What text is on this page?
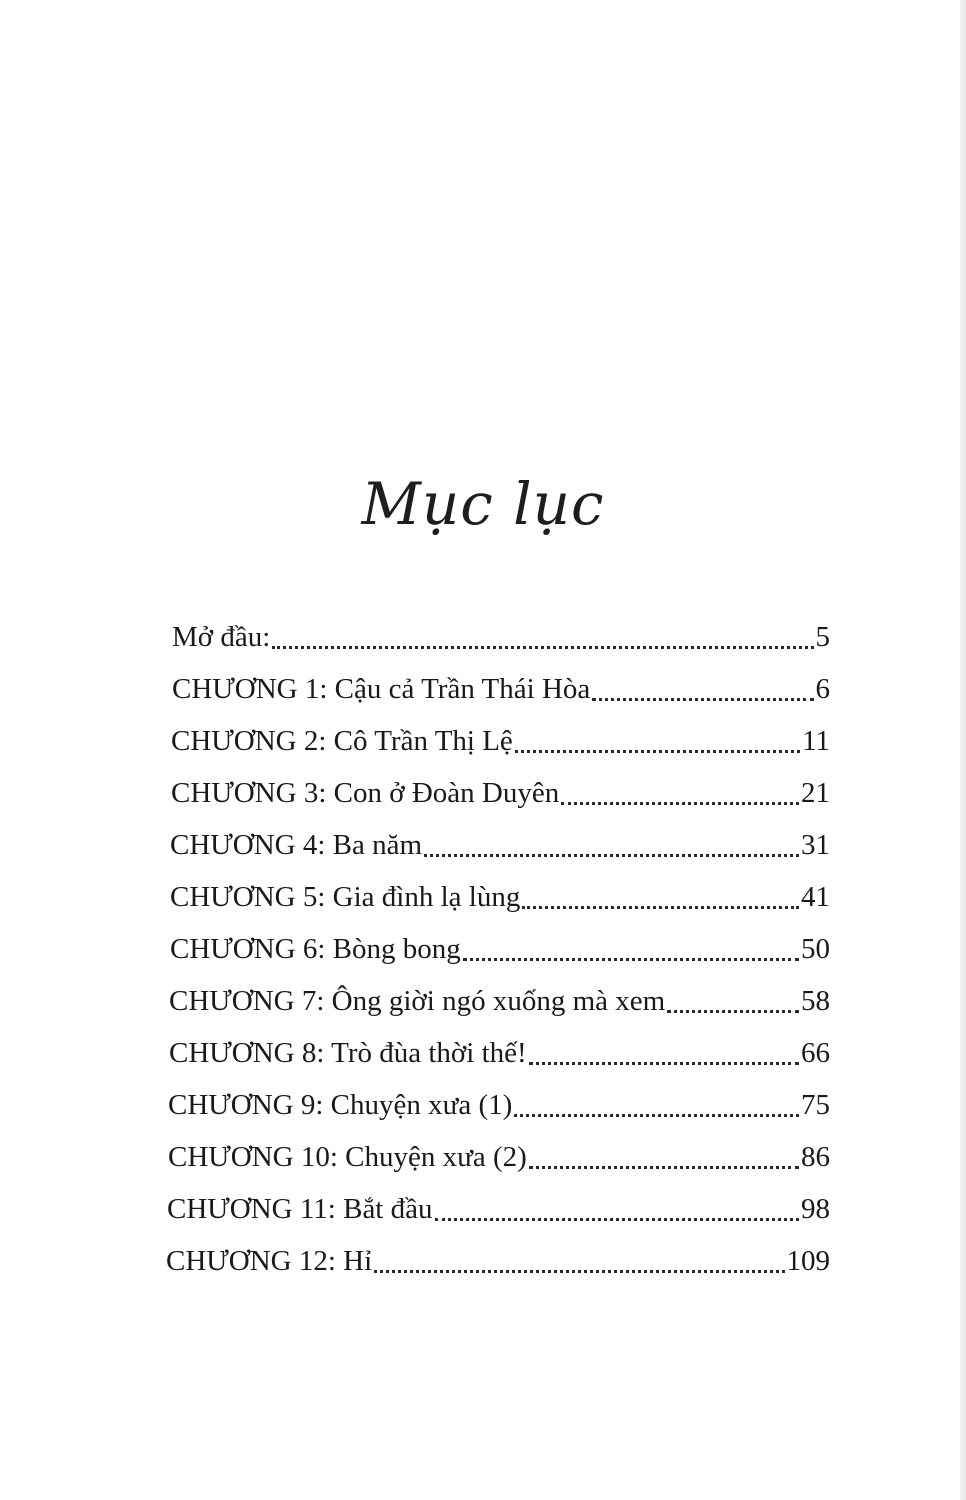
Mục lục
Mở đầu:	5
CHƯƠNG 1: Cậu cả Trần Thái Hòa	6
CHƯƠNG 2: Cô Trần Thị Lệ	11
CHƯƠNG 3: Con ở Đoàn Duyên	21
CHƯƠNG 4: Ba năm	31
CHƯƠNG 5: Gia đình lạ lùng	41
CHƯƠNG 6: Bòng bong	50
CHƯƠNG 7: Ông giời ngó xuống mà xem	58
CHƯƠNG 8: Trò đùa thời thế!	66
CHƯƠNG 9: Chuyện xưa (1)	75
CHƯƠNG 10: Chuyện xưa (2)	86
CHƯƠNG 11: Bắt đầu	98
CHƯƠNG 12: Hỉ	109
